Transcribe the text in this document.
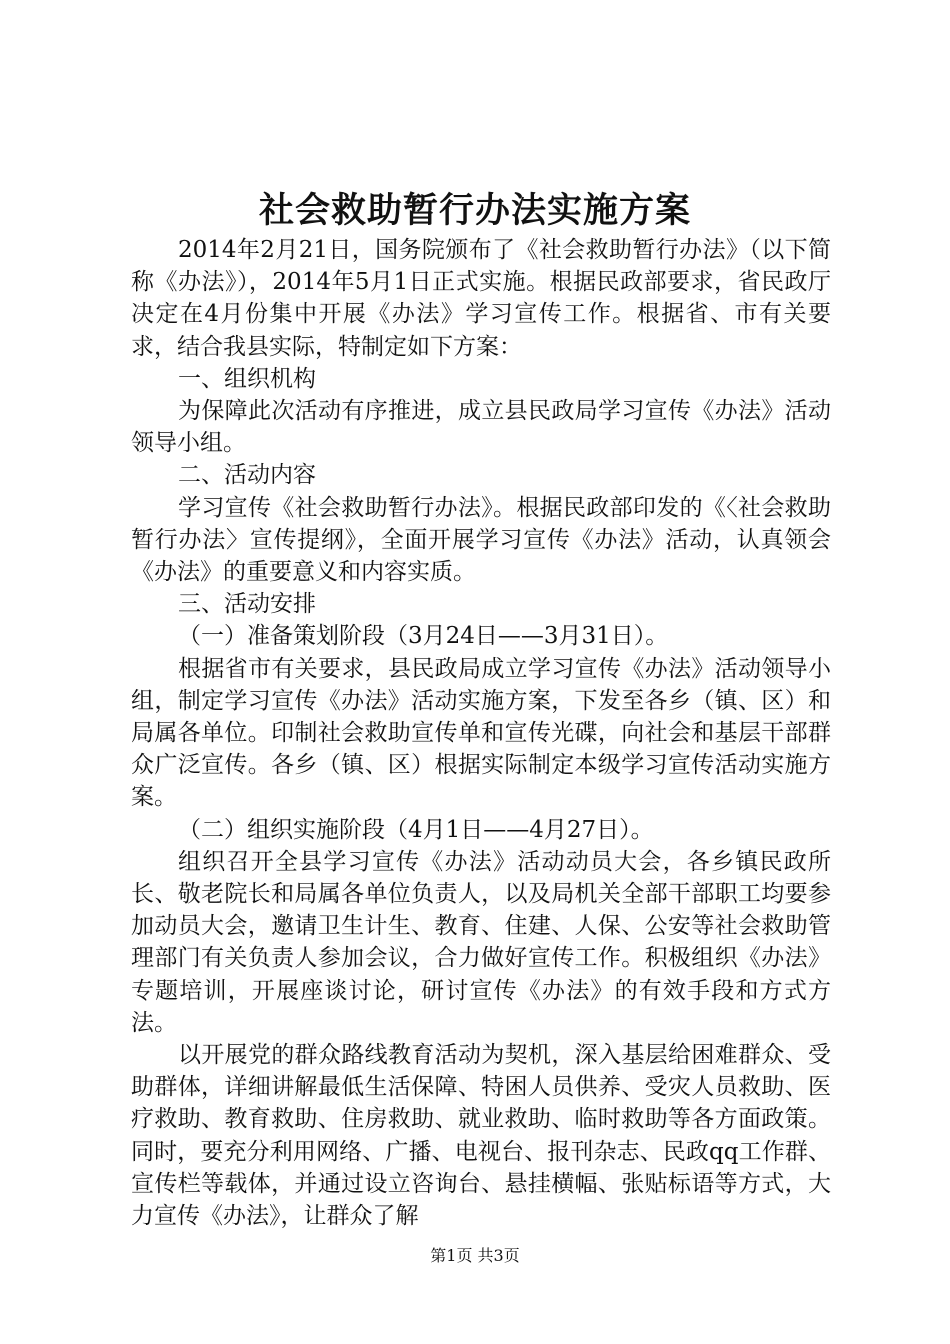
社会救助暂行办法实施方案

2014年2月21日，国务院颁布了《社会救助暂行办法》（以下简称《办法》），2014年5月1日正式实施。根据民政部要求，省民政厅决定在4月份集中开展《办法》学习宣传工作。根据省、市有关要求，结合我县实际，特制定如下方案：

一、组织机构

为保障此次活动有序推进，成立县民政局学习宣传《办法》活动领导小组。

二、活动内容

学习宣传《社会救助暂行办法》。根据民政部印发的《〈社会救助暂行办法〉宣传提纲》，全面开展学习宣传《办法》活动，认真领会《办法》的重要意义和内容实质。

三、活动安排

（一）准备策划阶段（3月24日——3月31日）。

根据省市有关要求，县民政局成立学习宣传《办法》活动领导小组，制定学习宣传《办法》活动实施方案，下发至各乡（镇、区）和局属各单位。印制社会救助宣传单和宣传光碟，向社会和基层干部群众广泛宣传。各乡（镇、区）根据实际制定本级学习宣传活动实施方案。

（二）组织实施阶段（4月1日——4月27日）。

组织召开全县学习宣传《办法》活动动员大会，各乡镇民政所长、敬老院长和局属各单位负责人，以及局机关全部干部职工均要参加动员大会，邀请卫生计生、教育、住建、人保、公安等社会救助管理部门有关负责人参加会议，合力做好宣传工作。积极组织《办法》专题培训，开展座谈讨论，研讨宣传《办法》的有效手段和方式方法。

以开展党的群众路线教育活动为契机，深入基层给困难群众、受助群体，详细讲解最低生活保障、特困人员供养、受灾人员救助、医疗救助、教育救助、住房救助、就业救助、临时救助等各方面政策。同时，要充分利用网络、广播、电视台、报刊杂志、民政qq工作群、宣传栏等载体，并通过设立咨询台、悬挂横幅、张贴标语等方式，大力宣传《办法》，让群众了解

第1页 共3页
